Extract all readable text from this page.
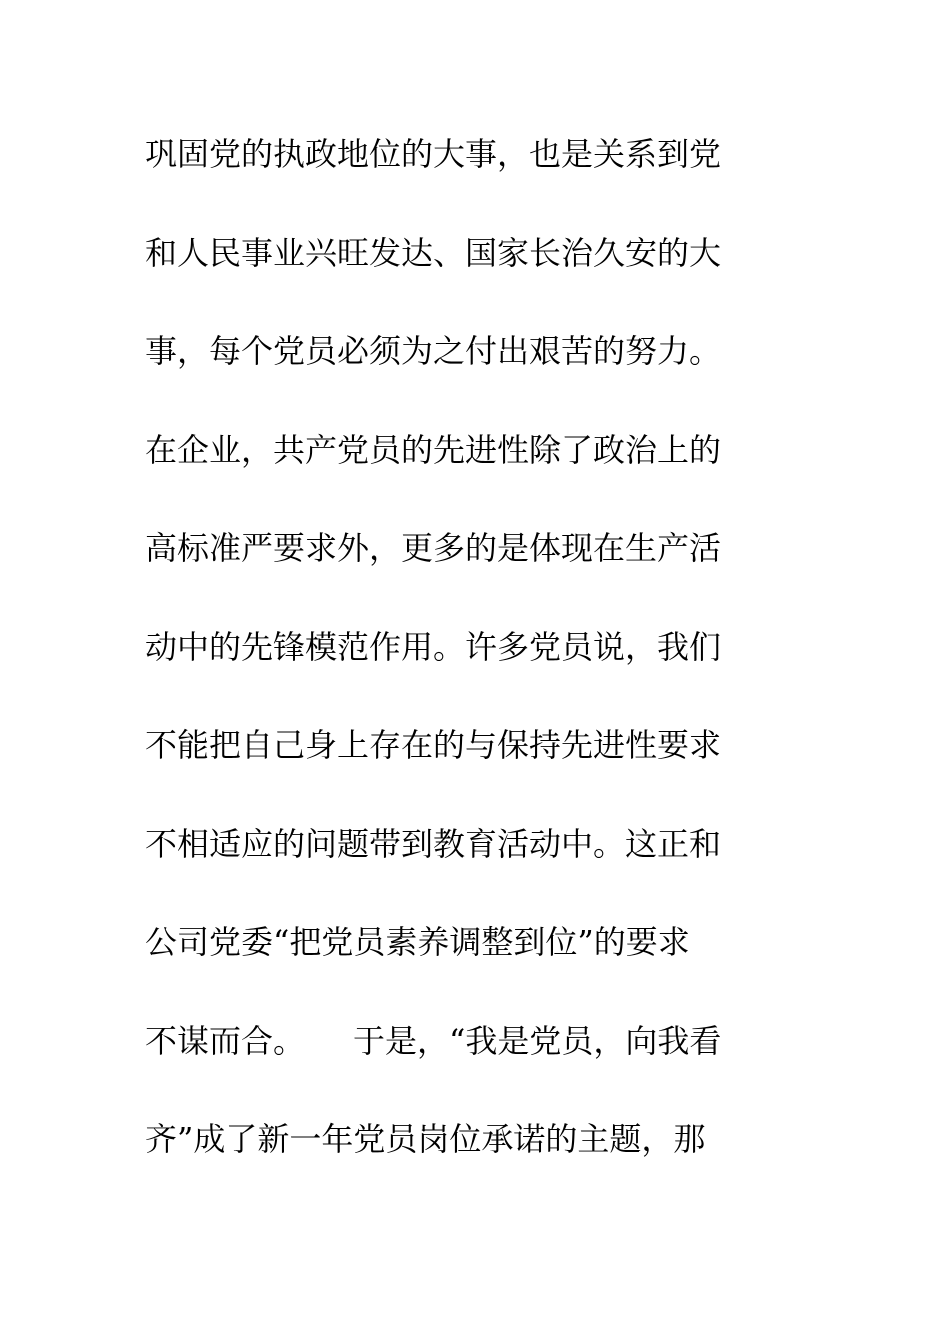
巩固党的执政地位的大事，也是关系到党
和人民事业兴旺发达、国家长治久安的大
事，每个党员必须为之付出艰苦的努力。
在企业，共产党员的先进性除了政治上的
高标准严要求外，更多的是体现在生产活
动中的先锋模范作用。许多党员说，我们
不能把自己身上存在的与保持先进性要求
不相适应的问题带到教育活动中。这正和
公司党委“把党员素养调整到位”的要求
不谋而合。　　于是，“我是党员，向我看
齐”成了新一年党员岗位承诺的主题，那
